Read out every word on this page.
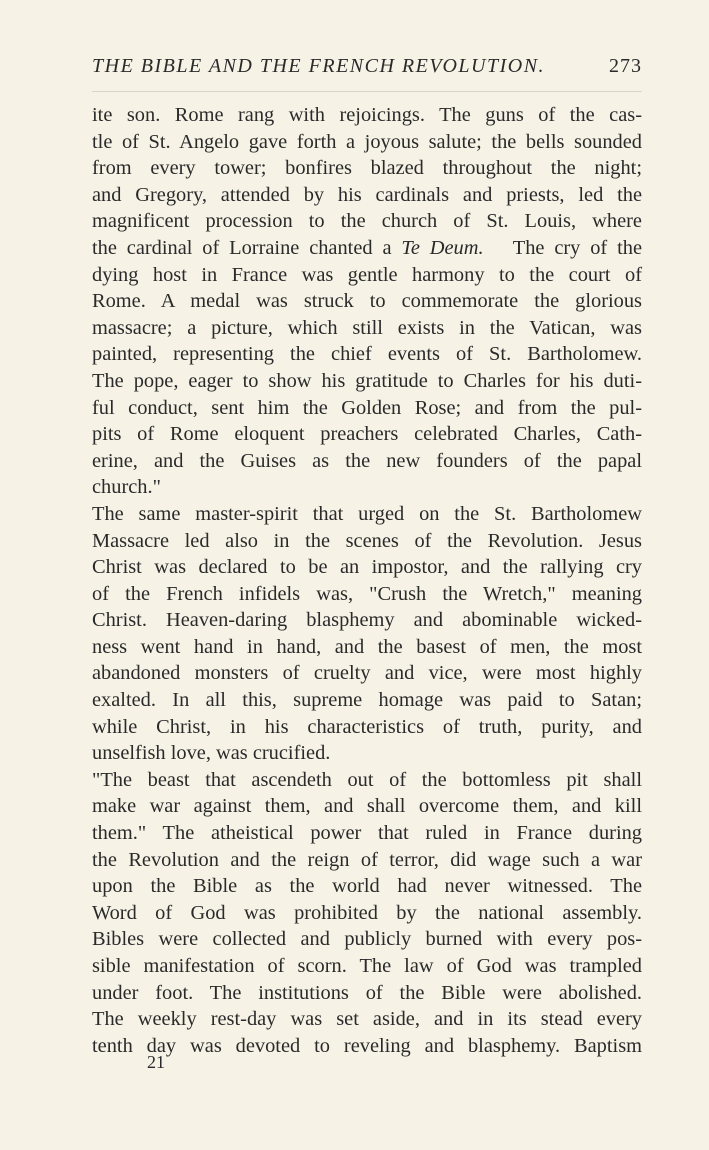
THE BIBLE AND THE FRENCH REVOLUTION.	273
ite son. Rome rang with rejoicings. The guns of the cas-
tle of St. Angelo gave forth a joyous salute; the bells sounded
from every tower; bonfires blazed throughout the night;
and Gregory, attended by his cardinals and priests, led the
magnificent procession to the church of St. Louis, where
the cardinal of Lorraine chanted a Te Deum. The cry of the
dying host in France was gentle harmony to the court of
Rome. A medal was struck to commemorate the glorious
massacre; a picture, which still exists in the Vatican, was
painted, representing the chief events of St. Bartholomew.
The pope, eager to show his gratitude to Charles for his duti-
ful conduct, sent him the Golden Rose; and from the pul-
pits of Rome eloquent preachers celebrated Charles, Cath-
erine, and the Guises as the new founders of the papal
church."
The same master-spirit that urged on the St. Bartholomew
Massacre led also in the scenes of the Revolution. Jesus
Christ was declared to be an impostor, and the rallying cry
of the French infidels was, "Crush the Wretch," meaning
Christ. Heaven-daring blasphemy and abominable wicked-
ness went hand in hand, and the basest of men, the most
abandoned monsters of cruelty and vice, were most highly
exalted. In all this, supreme homage was paid to Satan;
while Christ, in his characteristics of truth, purity, and
unselfish love, was crucified.
"The beast that ascendeth out of the bottomless pit shall
make war against them, and shall overcome them, and kill
them." The atheistical power that ruled in France during
the Revolution and the reign of terror, did wage such a war
upon the Bible as the world had never witnessed. The
Word of God was prohibited by the national assembly.
Bibles were collected and publicly burned with every pos-
sible manifestation of scorn. The law of God was trampled
under foot. The institutions of the Bible were abolished.
The weekly rest-day was set aside, and in its stead every
tenth day was devoted to reveling and blasphemy. Baptism
21
